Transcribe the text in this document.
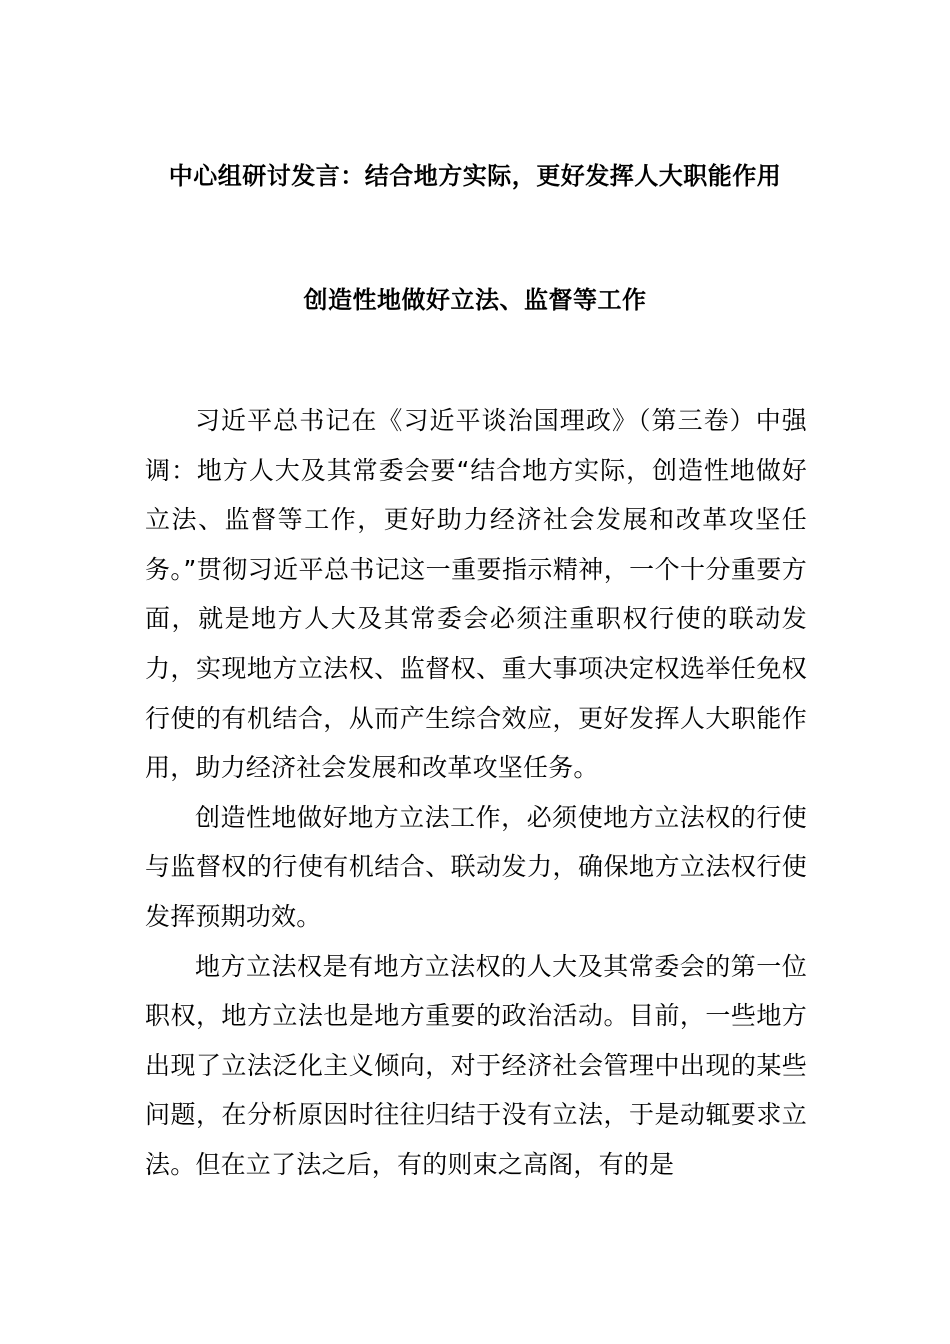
中心组研讨发言：结合地方实际，更好发挥人大职能作用
创造性地做好立法、监督等工作

习近平总书记在《习近平谈治国理政》（第三卷）中强调：地方人大及其常委会要“结合地方实际，创造性地做好立法、监督等工作，更好助力经济社会发展和改革攻坚任务。”贯彻习近平总书记这一重要指示精神，一个十分重要方面，就是地方人大及其常委会必须注重职权行使的联动发力，实现地方立法权、监督权、重大事项决定权选举任免权行使的有机结合，从而产生综合效应，更好发挥人大职能作用，助力经济社会发展和改革攻坚任务。

创造性地做好地方立法工作，必须使地方立法权的行使与监督权的行使有机结合、联动发力，确保地方立法权行使发挥预期功效。

地方立法权是有地方立法权的人大及其常委会的第一位职权，地方立法也是地方重要的政治活动。目前，一些地方出现了立法泛化主义倾向，对于经济社会管理中出现的某些问题，在分析原因时往往归结于没有立法，于是动辄要求立法。但在立了法之后，有的则束之高阁，有的是
